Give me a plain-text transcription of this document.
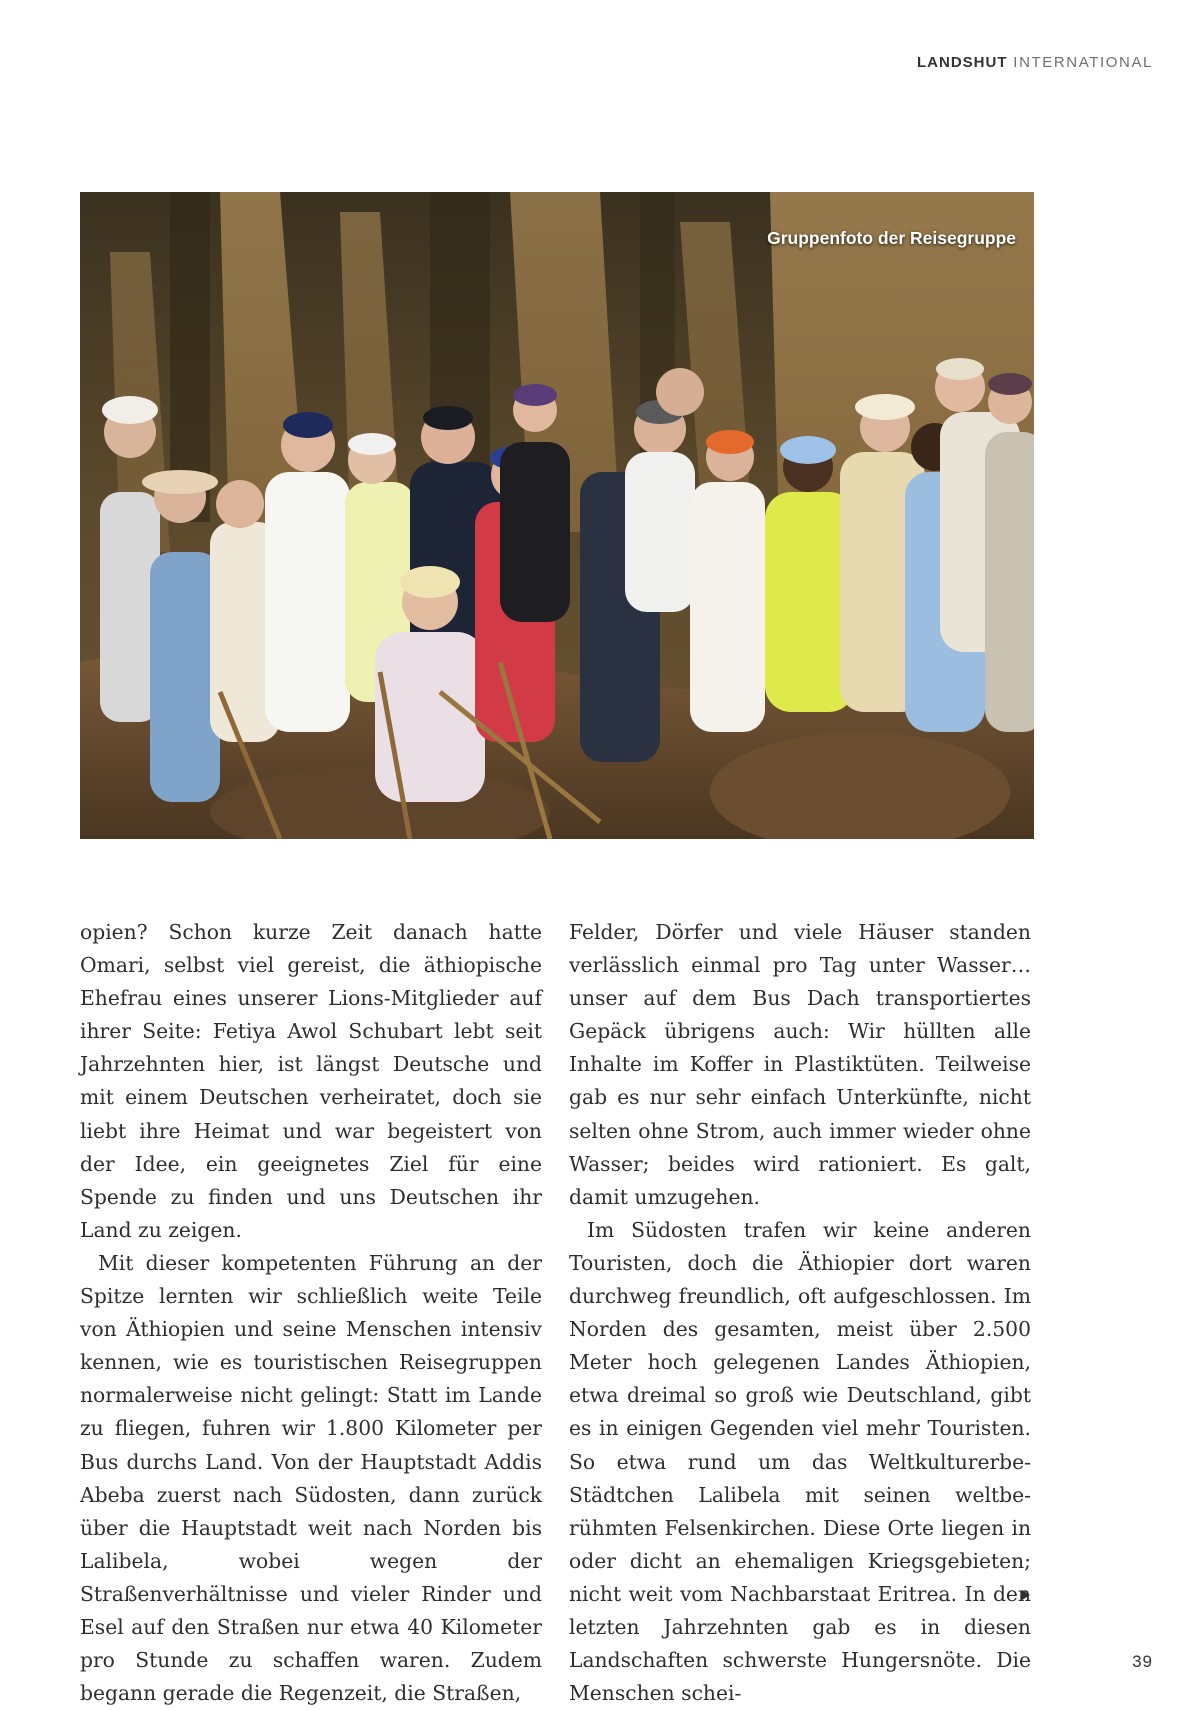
LANDSHUT INTERNATIONAL
Gruppenfoto der Reisegruppe

opien? Schon kurze Zeit danach hatte Omari, selbst viel gereist, die äthiopische Ehefrau eines unserer Lions-Mitglieder auf ihrer Seite: Fetiya Awol Schubart lebt seit Jahrzehnten hier, ist längst Deutsche und mit einem Deutschen verheiratet, doch sie liebt ihre Heimat und war begeistert von der Idee, ein geeignetes Ziel für eine Spende zu finden und uns Deutschen ihr Land zu zeigen.

Mit dieser kompetenten Führung an der Spitze lernten wir schließlich weite Teile von Äthiopien und seine Menschen intensiv kennen, wie es touristischen Reisegruppen normalerweise nicht gelingt: Statt im Lande zu fliegen, fuhren wir 1.800 Kilometer per Bus durchs Land. Von der Hauptstadt Addis Abeba zuerst nach Südosten, dann zurück über die Hauptstadt weit nach Norden bis Lalibela, wobei wegen der Straßenverhältnisse und vieler Rinder und Esel auf den Straßen nur etwa 40 Kilometer pro Stunde zu schaffen waren. Zudem begann gerade die Regenzeit, die Straßen,

Felder, Dörfer und viele Häuser standen verlässlich einmal pro Tag unter Wasser… unser auf dem Bus Dach transportiertes Gepäck übrigens auch: Wir hüllten alle Inhalte im Koffer in Plastiktüten. Teilweise gab es nur sehr einfach Unterkünfte, nicht selten ohne Strom, auch immer wieder ohne Wasser; beides wird rationiert. Es galt, damit umzugehen.

Im Südosten trafen wir keine anderen Touristen, doch die Äthiopier dort waren durchweg freundlich, oft aufgeschlossen. Im Norden des gesamten, meist über 2.500 Meter hoch gelegenen Landes Äthiopien, etwa dreimal so groß wie Deutschland, gibt es in einigen Gegenden viel mehr Touristen. So etwa rund um das Weltkulturerbe-Städtchen Lalibela mit seinen weltberühmten Felsenkirchen. Diese Orte liegen in oder dicht an ehemaligen Kriegsgebieten; nicht weit vom Nachbarstaat Eritrea. In den letzten Jahrzehnten gab es in diesen Landschaften schwerste Hungersnöte. Die Menschen schei-

39
